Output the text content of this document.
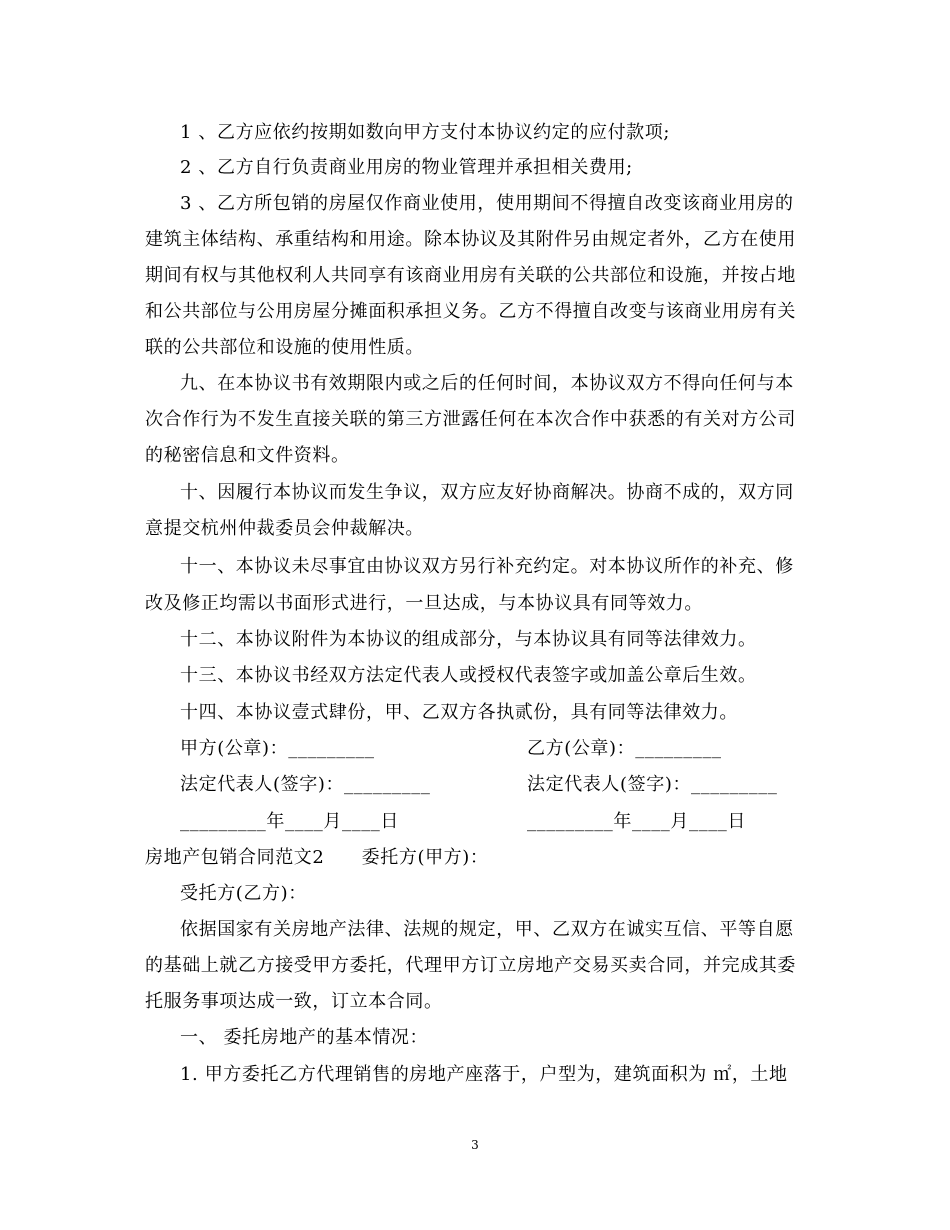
1 、乙方应依约按期如数向甲方支付本协议约定的应付款项;
2 、乙方自行负责商业用房的物业管理并承担相关费用;
3 、乙方所包销的房屋仅作商业使用，使用期间不得擅自改变该商业用房的
建筑主体结构、承重结构和用途。除本协议及其附件另由规定者外，乙方在使用
期间有权与其他权利人共同享有该商业用房有关联的公共部位和设施，并按占地
和公共部位与公用房屋分摊面积承担义务。乙方不得擅自改变与该商业用房有关
联的公共部位和设施的使用性质。
九、在本协议书有效期限内或之后的任何时间，本协议双方不得向任何与本
次合作行为不发生直接关联的第三方泄露任何在本次合作中获悉的有关对方公司
的秘密信息和文件资料。
十、因履行本协议而发生争议，双方应友好协商解决。协商不成的，双方同
意提交杭州仲裁委员会仲裁解决。
十一、本协议未尽事宜由协议双方另行补充约定。对本协议所作的补充、修
改及修正均需以书面形式进行，一旦达成，与本协议具有同等效力。
十二、本协议附件为本协议的组成部分，与本协议具有同等法律效力。
十三、本协议书经双方法定代表人或授权代表签字或加盖公章后生效。
十四、本协议壹式肆份，甲、乙双方各执贰份，具有同等法律效力。
甲方(公章)：_________	乙方(公章)：_________
法定代表人(签字)：_________	法定代表人(签字)：_________
_________年____月____日	_________年____月____日
房地产包销合同范文2　　委托方(甲方)：
受托方(乙方)：
依据国家有关房地产法律、法规的规定，甲、乙双方在诚实互信、平等自愿
的基础上就乙方接受甲方委托，代理甲方订立房地产交易买卖合同，并完成其委
托服务事项达成一致，订立本合同。
一、 委托房地产的基本情况：
1. 甲方委托乙方代理销售的房地产座落于，户型为，建筑面积为 ㎡，土地
3
